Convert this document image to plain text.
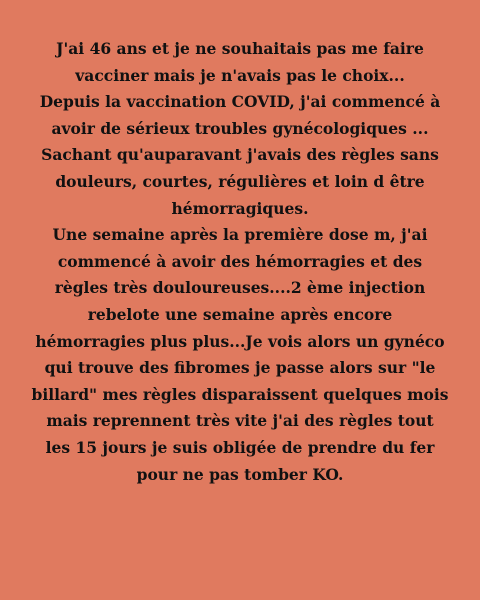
J'ai 46 ans et je ne souhaitais pas me faire
vacciner mais je n'avais pas le choix...
Depuis la vaccination COVID, j'ai commencé à
avoir de sérieux troubles gynécologiques ...
Sachant qu'auparavant j'avais des règles sans
douleurs, courtes, régulières et loin d être
hémorragiques.
Une semaine après la première dose m, j'ai
commencé à avoir des hémorragies et des
règles très douloureuses....2 ème injection
rebelote une semaine après encore
hémorragies plus plus...Je vois alors un gynéco
qui trouve des fibromes je passe alors sur "le
billard" mes règles disparaissent quelques mois
mais reprennent très vite j'ai des règles tout
les 15 jours je suis obligée de prendre du fer
pour ne pas tomber KO.
